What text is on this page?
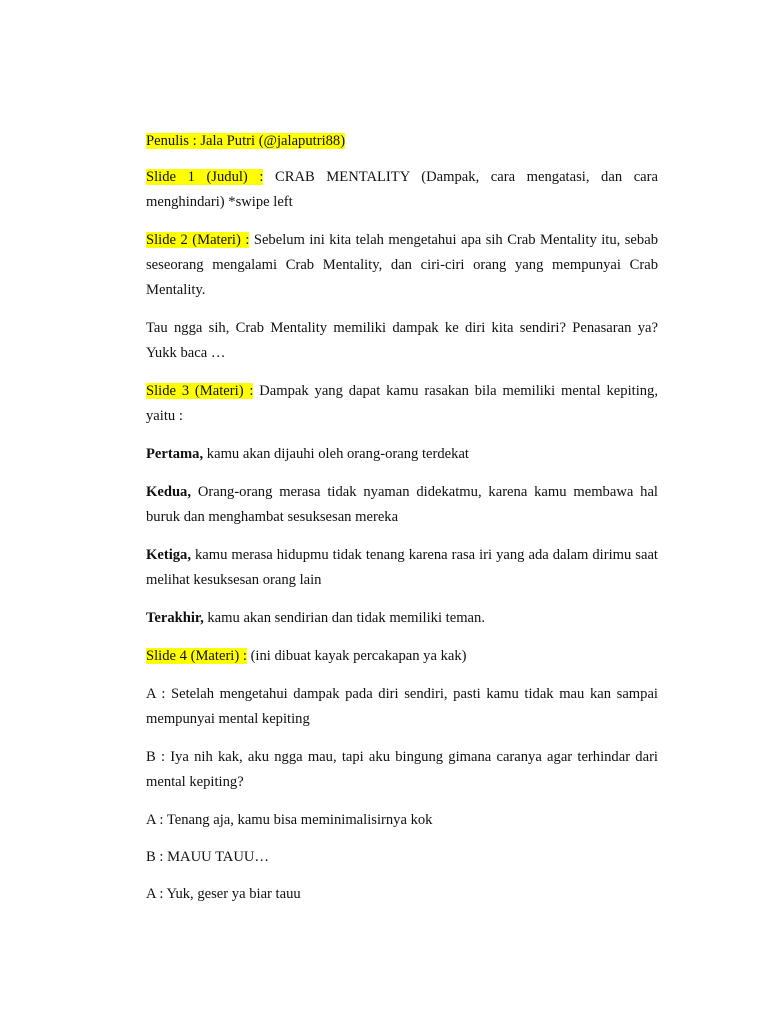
Penulis : Jala Putri (@jalaputri88)

Slide 1 (Judul) : CRAB MENTALITY (Dampak, cara mengatasi, dan cara menghindari) *swipe left

Slide 2 (Materi) : Sebelum ini kita telah mengetahui apa sih Crab Mentality itu, sebab seseorang mengalami Crab Mentality, dan ciri-ciri orang yang mempunyai Crab Mentality.

Tau ngga sih, Crab Mentality memiliki dampak ke diri kita sendiri? Penasaran ya? Yukk baca …

Slide 3 (Materi) : Dampak yang dapat kamu rasakan bila memiliki mental kepiting, yaitu :

Pertama, kamu akan dijauhi oleh orang-orang terdekat

Kedua, Orang-orang merasa tidak nyaman didekatmu, karena kamu membawa hal buruk dan menghambat sesuksesan mereka

Ketiga, kamu merasa hidupmu tidak tenang karena rasa iri yang ada dalam dirimu saat melihat kesuksesan orang lain

Terakhir, kamu akan sendirian dan tidak memiliki teman.

Slide 4 (Materi) : (ini dibuat kayak percakapan ya kak)

A : Setelah mengetahui dampak pada diri sendiri, pasti kamu tidak mau kan sampai mempunyai mental kepiting

B : Iya nih kak, aku ngga mau, tapi aku bingung gimana caranya agar terhindar dari mental kepiting?

A : Tenang aja, kamu bisa meminimalisirnya kok

B : MAUU TAUU…

A : Yuk, geser ya biar tauu
